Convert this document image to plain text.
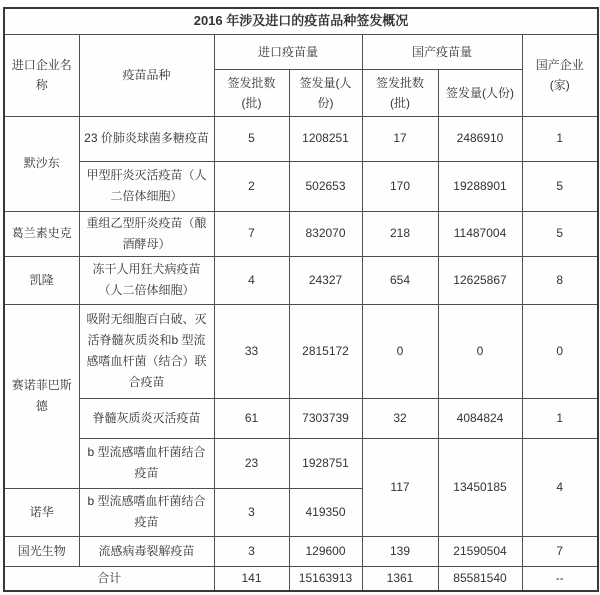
2016 年涉及进口的疫苗品种签发概况						
进口企业名称	疫苗品种	进口疫苗量		国产疫苗量		国产企业(家)
		签发批数(批)	签发量(人份)	签发批数(批)	签发量(人份)	
默沙东	23 价肺炎球菌多糖疫苗	5	1208251	17	2486910	1
	甲型肝炎灭活疫苗（人二倍体细胞）	2	502653	170	19288901	5
葛兰素史克	重组乙型肝炎疫苗（酿酒酵母）	7	832070	218	11487004	5
凯隆	冻干人用狂犬病疫苗（人二倍体细胞）	4	24327	654	12625867	8
赛诺菲巴斯德	吸附无细胞百白破、灭活脊髓灰质炎和b 型流感嗜血杆菌（结合）联合疫苗	33	2815172	0	0	0
	脊髓灰质炎灭活疫苗	61	7303739	32	4084824	1
	b 型流感嗜血杆菌结合疫苗	23	1928751	117	13450185	4
诺华	b 型流感嗜血杆菌结合疫苗	3	419350			
国光生物	流感病毒裂解疫苗	3	129600	139	21590504	7
合计		141	15163913	1361	85581540	--
